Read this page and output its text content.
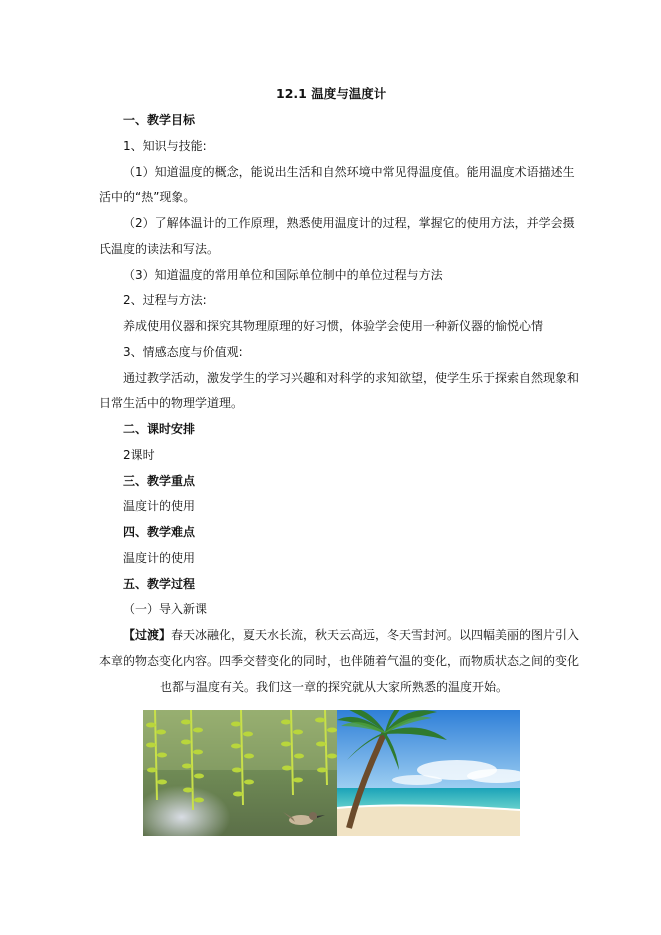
12.1 温度与温度计
一、教学目标
1、知识与技能:
（1）知道温度的概念，能说出生活和自然环境中常见得温度值。能用温度术语描述生
活中的“热”现象。
（2）了解体温计的工作原理，熟悉使用温度计的过程，掌握它的使用方法，并学会摄
氏温度的读法和写法。
（3）知道温度的常用单位和国际单位制中的单位过程与方法
2、过程与方法:
养成使用仪器和探究其物理原理的好习惯，体验学会使用一种新仪器的愉悦心情
3、情感态度与价值观:
通过教学活动，激发学生的学习兴趣和对科学的求知欲望，使学生乐于探索自然现象和
日常生活中的物理学道理。
二、课时安排
2课时
三、教学重点
温度计的使用
四、教学难点
温度计的使用
五、教学过程
（一）导入新课
【过渡】春天冰融化，夏天水长流，秋天云高远，冬天雪封河。以四幅美丽的图片引入
本章的物态变化内容。四季交替变化的同时，也伴随着气温的变化，而物质状态之间的变化
也都与温度有关。我们这一章的探究就从大家所熟悉的温度开始。
